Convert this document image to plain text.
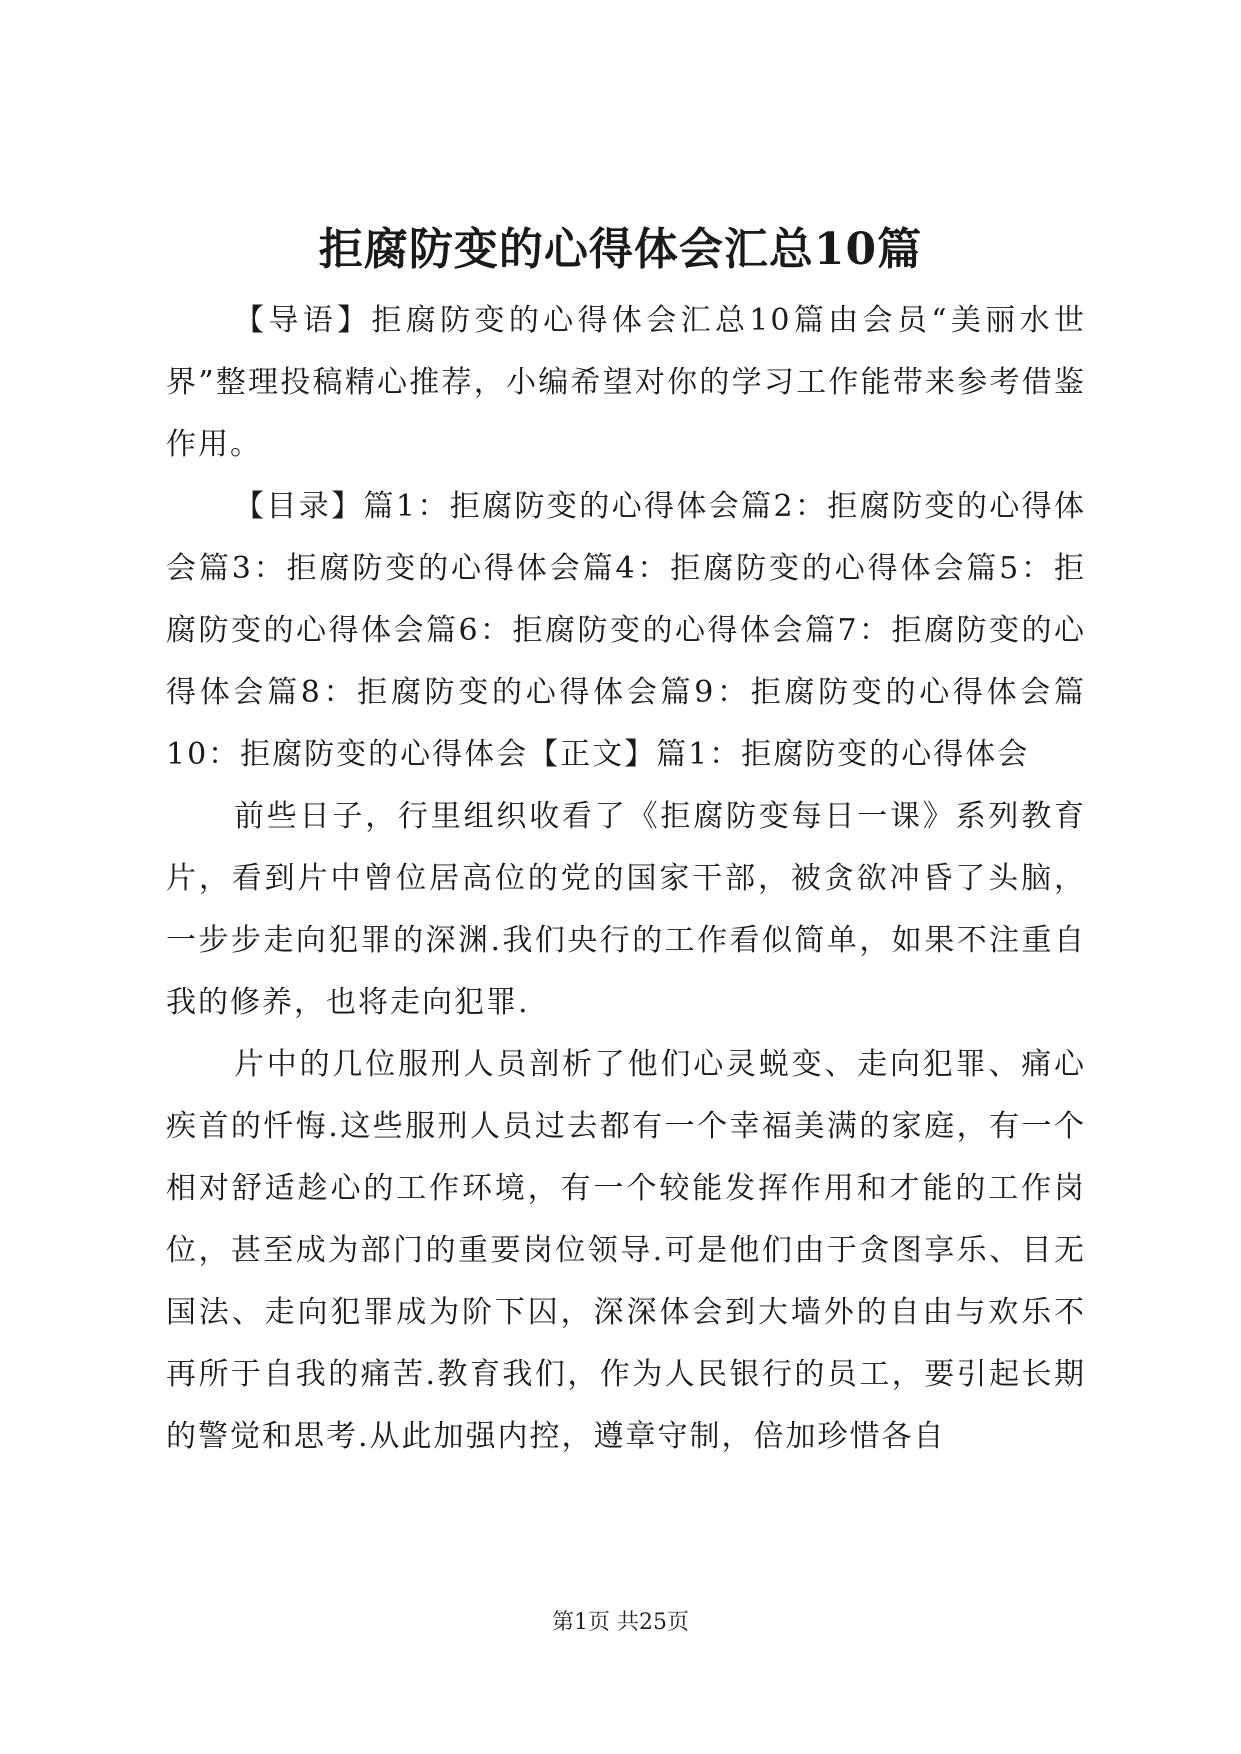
拒腐防变的心得体会汇总10篇

【导语】拒腐防变的心得体会汇总10篇由会员“美丽水世界”整理投稿精心推荐，小编希望对你的学习工作能带来参考借鉴作用。

【目录】篇1：拒腐防变的心得体会篇2：拒腐防变的心得体会篇3：拒腐防变的心得体会篇4：拒腐防变的心得体会篇5：拒腐防变的心得体会篇6：拒腐防变的心得体会篇7：拒腐防变的心得体会篇8：拒腐防变的心得体会篇9：拒腐防变的心得体会篇10：拒腐防变的心得体会【正文】篇1：拒腐防变的心得体会

前些日子，行里组织收看了《拒腐防变每日一课》系列教育片，看到片中曾位居高位的党的国家干部，被贪欲冲昏了头脑，一步步走向犯罪的深渊.我们央行的工作看似简单，如果不注重自我的修养，也将走向犯罪.

片中的几位服刑人员剖析了他们心灵蜕变、走向犯罪、痛心疾首的忏悔.这些服刑人员过去都有一个幸福美满的家庭，有一个相对舒适趁心的工作环境，有一个较能发挥作用和才能的工作岗位，甚至成为部门的重要岗位领导.可是他们由于贪图享乐、目无国法、走向犯罪成为阶下囚，深深体会到大墙外的自由与欢乐不再所于自我的痛苦.教育我们，作为人民银行的员工，要引起长期的警觉和思考.从此加强内控，遵章守制，倍加珍惜各自

第1页 共25页
